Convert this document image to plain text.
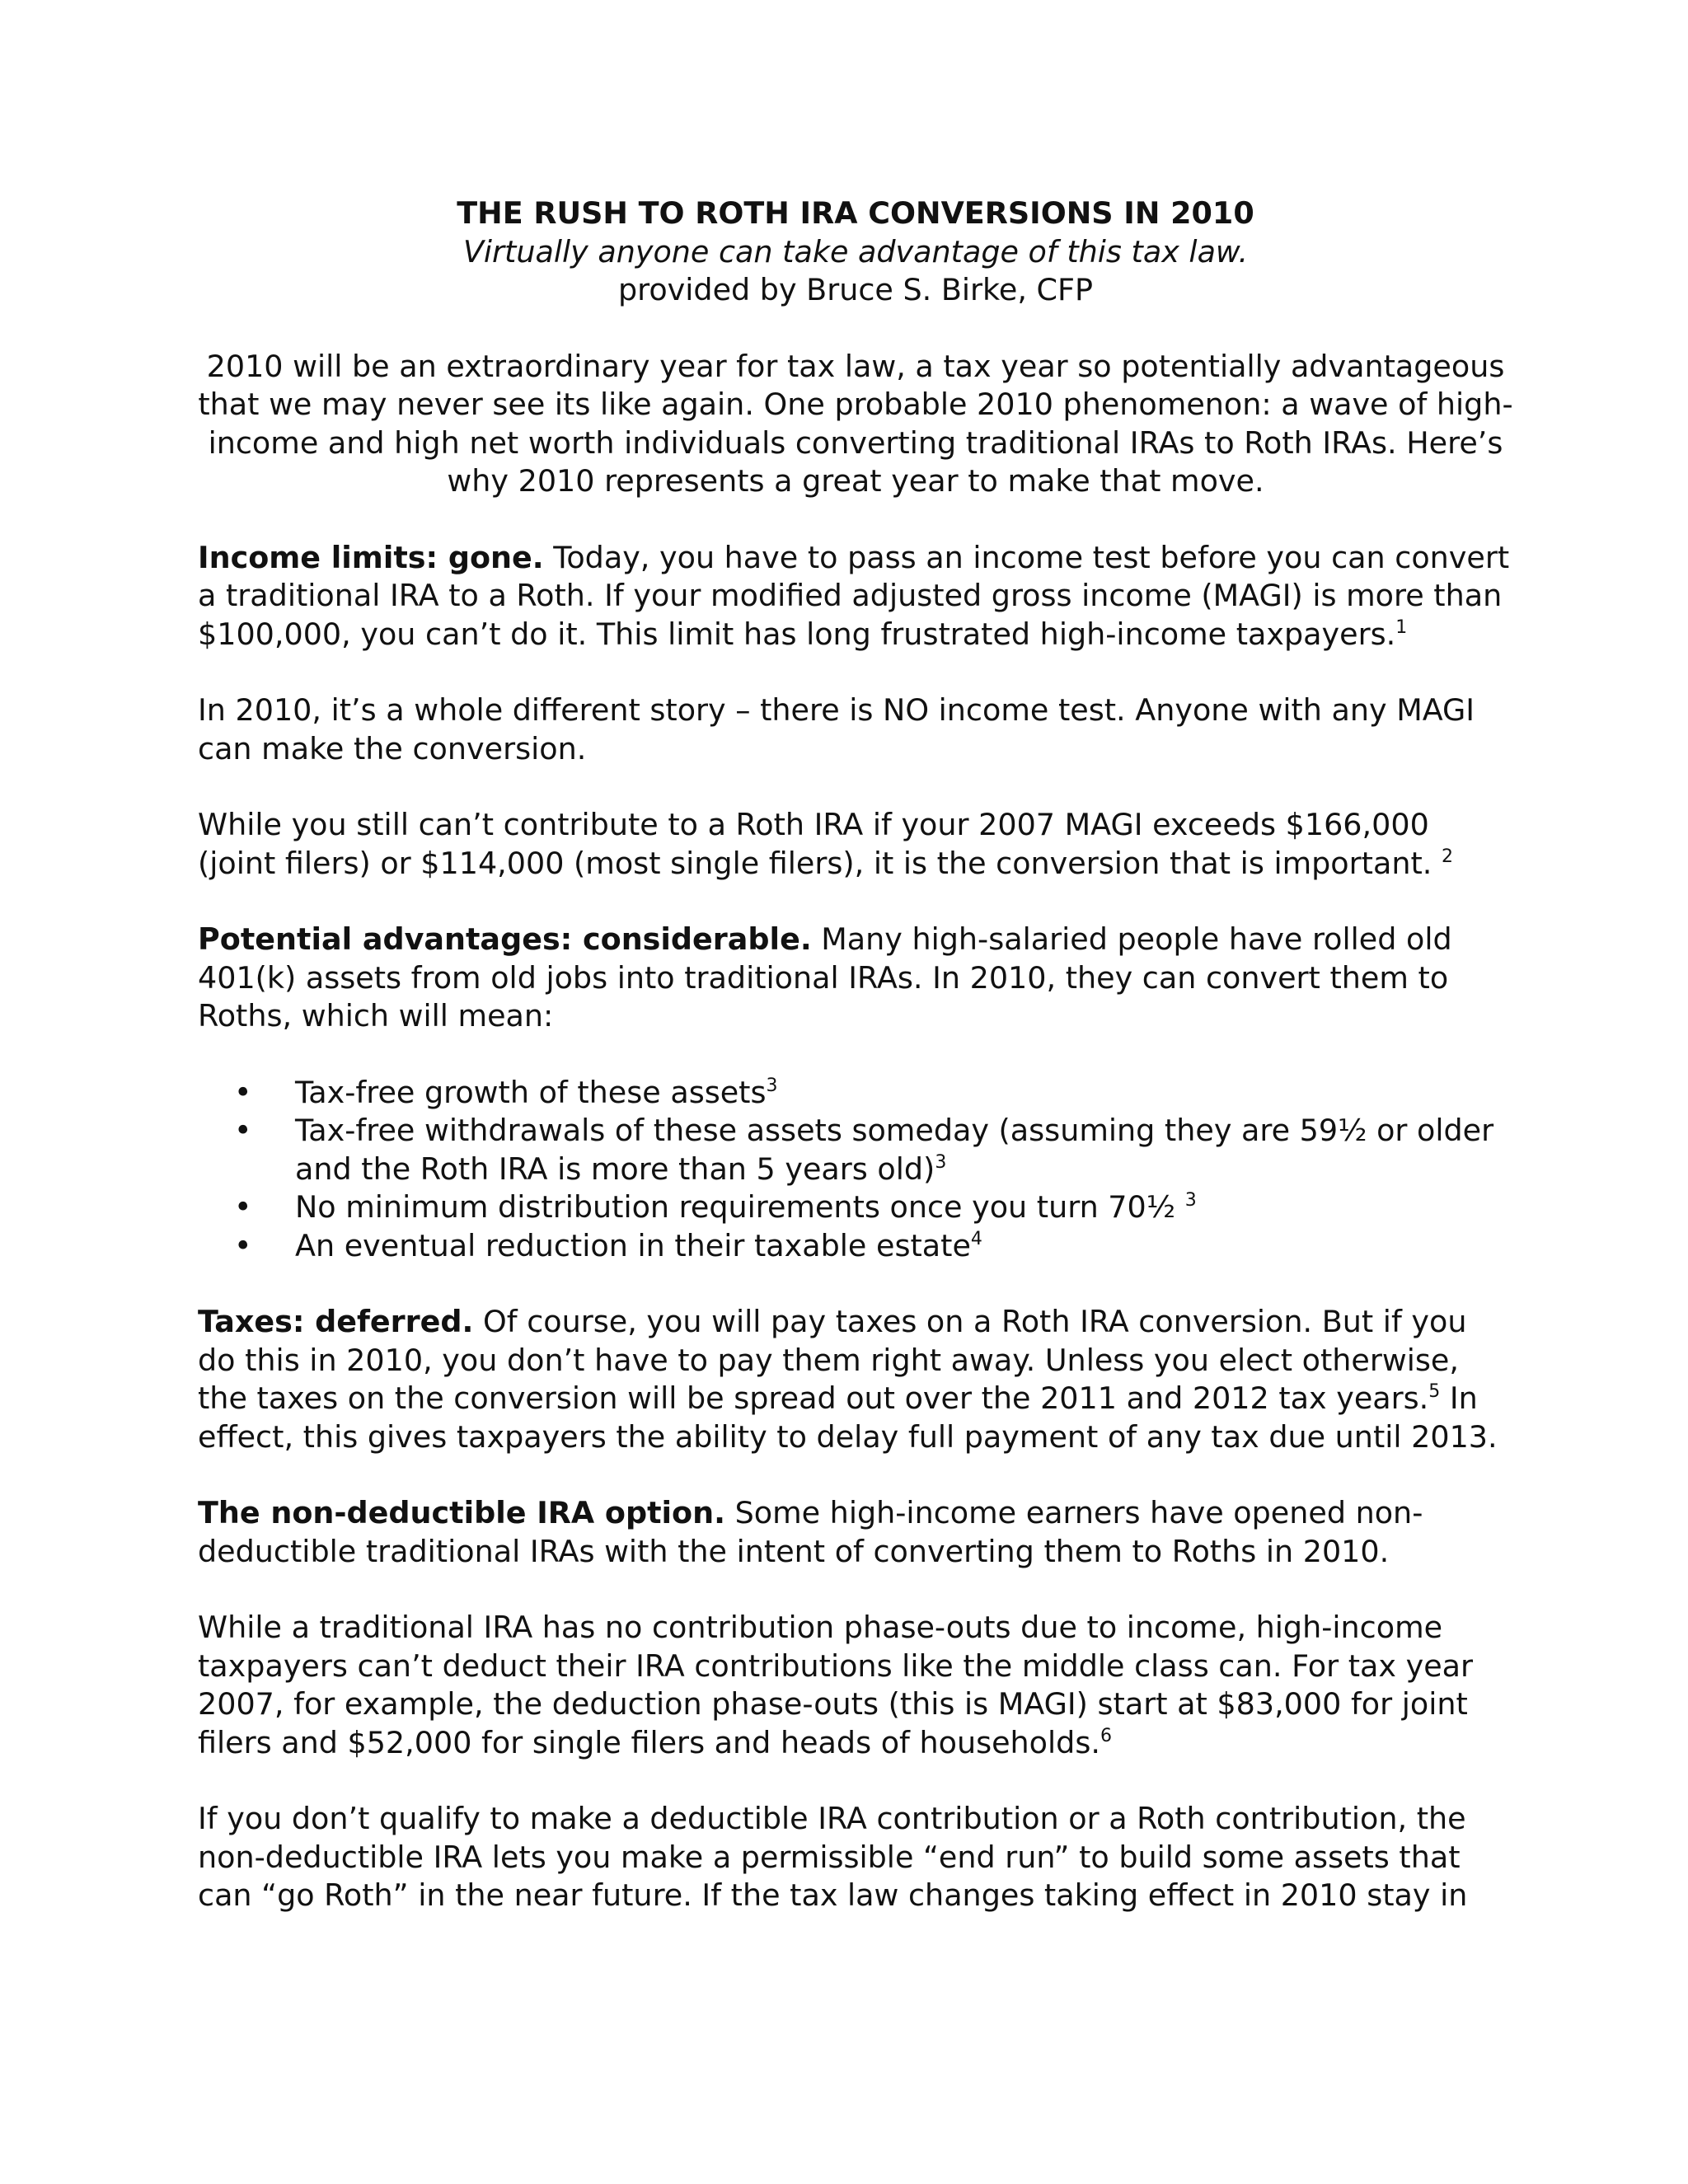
THE RUSH TO ROTH IRA CONVERSIONS IN 2010

Virtually anyone can take advantage of this tax law.

provided by Bruce S. Birke, CFP

2010 will be an extraordinary year for tax law, a tax year so potentially advantageous that we may never see its like again. One probable 2010 phenomenon: a wave of high-income and high net worth individuals converting traditional IRAs to Roth IRAs. Here’s why 2010 represents a great year to make that move.

Income limits: gone. Today, you have to pass an income test before you can convert a traditional IRA to a Roth. If your modified adjusted gross income (MAGI) is more than $100,000, you can’t do it. This limit has long frustrated high-income taxpayers.$^1$

In 2010, it’s a whole different story – there is NO income test. Anyone with any MAGI can make the conversion.

While you still can’t contribute to a Roth IRA if your 2007 MAGI exceeds $166,000 (joint filers) or $114,000 (most single filers), it is the conversion that is important. $^2$

Potential advantages: considerable. Many high-salaried people have rolled old 401(k) assets from old jobs into traditional IRAs. In 2010, they can convert them to Roths, which will mean:

• Tax-free growth of these assets$^3$
• Tax-free withdrawals of these assets someday (assuming they are 59½ or older and the Roth IRA is more than 5 years old)$^3$
• No minimum distribution requirements once you turn 70½ $^3$
• An eventual reduction in their taxable estate$^4$

Taxes: deferred. Of course, you will pay taxes on a Roth IRA conversion. But if you do this in 2010, you don’t have to pay them right away. Unless you elect otherwise, the taxes on the conversion will be spread out over the 2011 and 2012 tax years.$^5$ In effect, this gives taxpayers the ability to delay full payment of any tax due until 2013.

The non-deductible IRA option. Some high-income earners have opened non-deductible traditional IRAs with the intent of converting them to Roths in 2010.

While a traditional IRA has no contribution phase-outs due to income, high-income taxpayers can’t deduct their IRA contributions like the middle class can. For tax year 2007, for example, the deduction phase-outs (this is MAGI) start at $83,000 for joint filers and $52,000 for single filers and heads of households.$^6$

If you don’t qualify to make a deductible IRA contribution or a Roth contribution, the non-deductible IRA lets you make a permissible “end run” to build some assets that can “go Roth” in the near future. If the tax law changes taking effect in 2010 stay in
